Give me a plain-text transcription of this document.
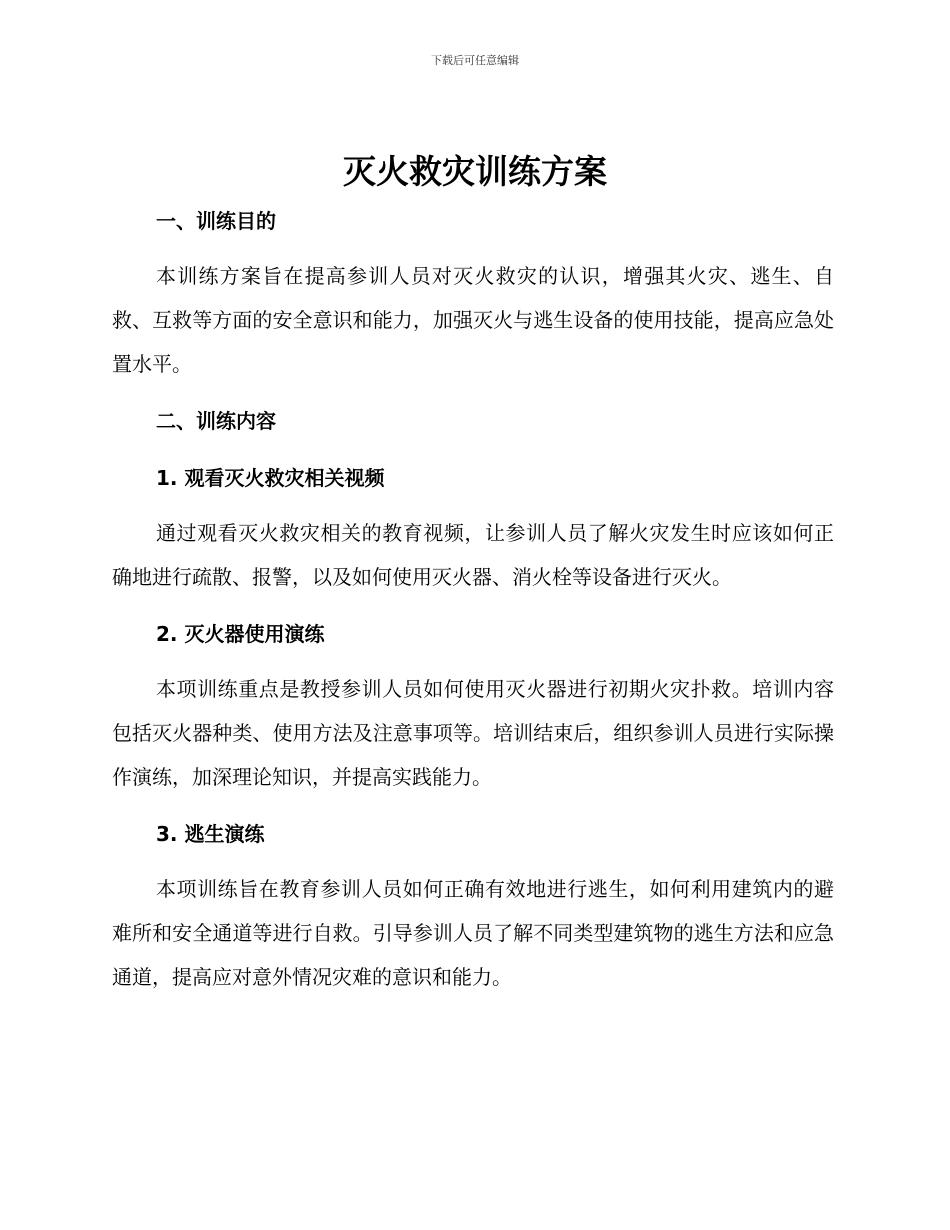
下载后可任意编辑
灭火救灾训练方案
一、训练目的

本训练方案旨在提高参训人员对灭火救灾的认识，增强其火灾、逃生、自救、互救等方面的安全意识和能力，加强灭火与逃生设备的使用技能，提高应急处置水平。

二、训练内容
1. 观看灭火救灾相关视频

通过观看灭火救灾相关的教育视频，让参训人员了解火灾发生时应该如何正确地进行疏散、报警，以及如何使用灭火器、消火栓等设备进行灭火。

2. 灭火器使用演练

本项训练重点是教授参训人员如何使用灭火器进行初期火灾扑救。培训内容包括灭火器种类、使用方法及注意事项等。培训结束后，组织参训人员进行实际操作演练，加深理论知识，并提高实践能力。

3. 逃生演练

本项训练旨在教育参训人员如何正确有效地进行逃生，如何利用建筑内的避难所和安全通道等进行自救。引导参训人员了解不同类型建筑物的逃生方法和应急通道，提高应对意外情况灾难的意识和能力。
